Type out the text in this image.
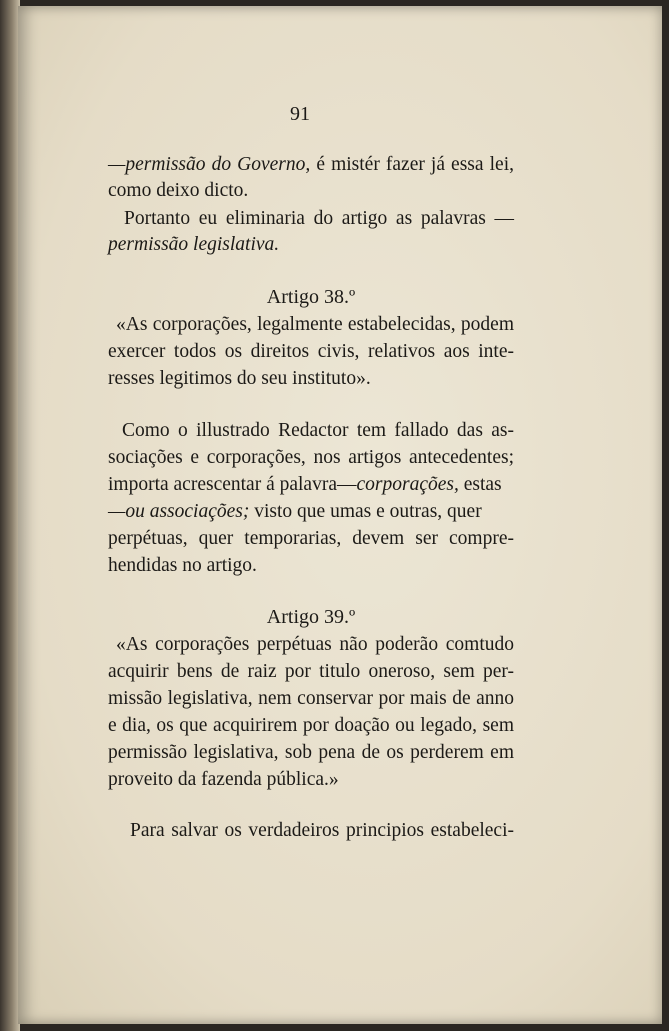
91
—permissão do Governo, é mistér fazer já essa lei,
como deixo dicto.
Portanto eu eliminaria do artigo as palavras —
permissão legislativa.
Artigo 38.º
«As corporações, legalmente estabelecidas, podem
exercer todos os direitos civis, relativos aos inte-
resses legitimos do seu instituto».
Como o illustrado Redactor tem fallado das as-
sociações e corporações, nos artigos antecedentes;
importa acrescentar á palavra—corporações, estas
—ou associações; visto que umas e outras, quer
perpétuas, quer temporarias, devem ser compre-
hendidas no artigo.
Artigo 39.º
«As corporações perpétuas não poderão comtudo
acquirir bens de raiz por titulo oneroso, sem per-
missão legislativa, nem conservar por mais de anno
e dia, os que acquirirem por doação ou legado, sem
permissão legislativa, sob pena de os perderem em
proveito da fazenda pública.»
Para salvar os verdadeiros principios estabeleci-
